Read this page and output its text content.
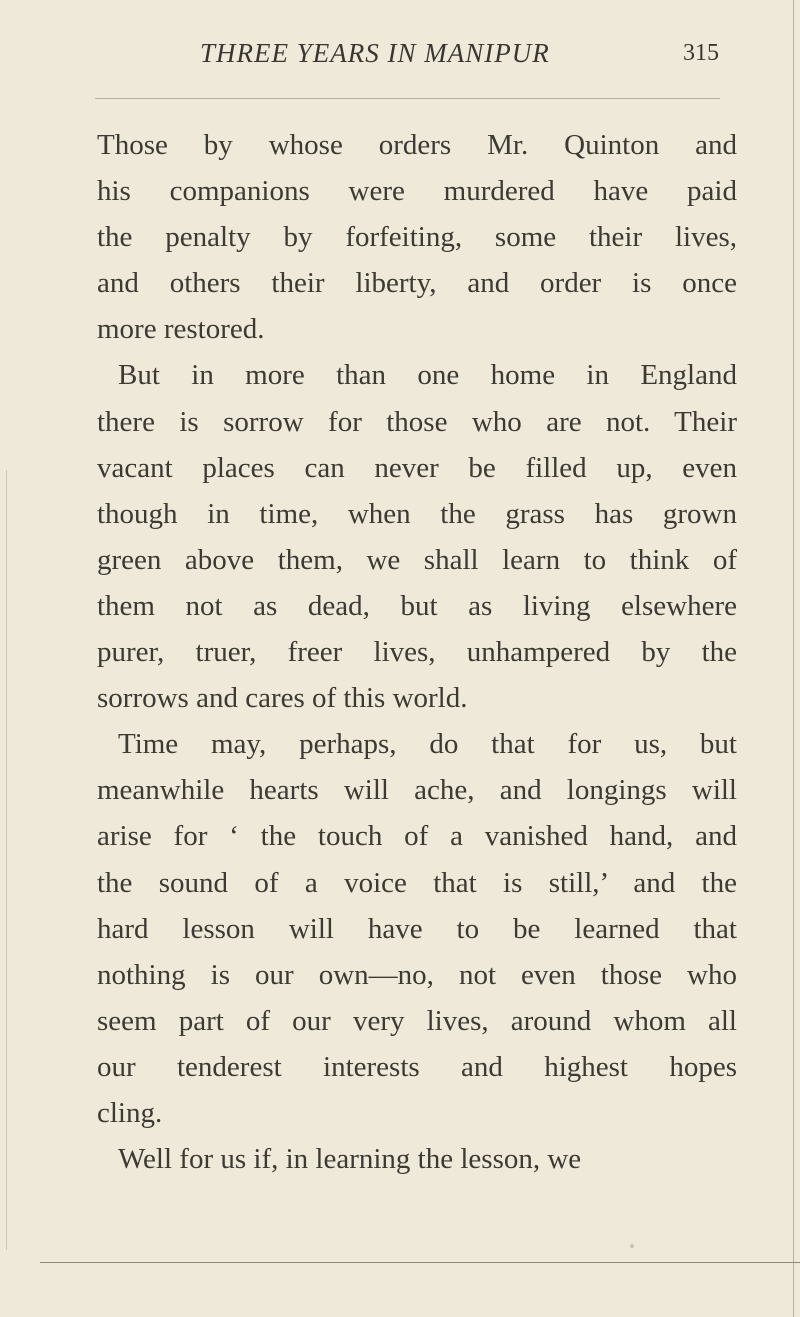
THREE YEARS IN MANIPUR	315
Those by whose orders Mr. Quinton and
his companions were murdered have paid
the penalty by forfeiting, some their lives,
and others their liberty, and order is once
more restored.
But in more than one home in England
there is sorrow for those who are not. Their
vacant places can never be filled up, even
though in time, when the grass has grown
green above them, we shall learn to think of
them not as dead, but as living elsewhere
purer, truer, freer lives, unhampered by the
sorrows and cares of this world.
Time may, perhaps, do that for us, but
meanwhile hearts will ache, and longings will
arise for ‘ the touch of a vanished hand, and
the sound of a voice that is still,’ and the
hard lesson will have to be learned that
nothing is our own—no, not even those who
seem part of our very lives, around whom all
our tenderest interests and highest hopes
cling.
Well for us if, in learning the lesson, we
